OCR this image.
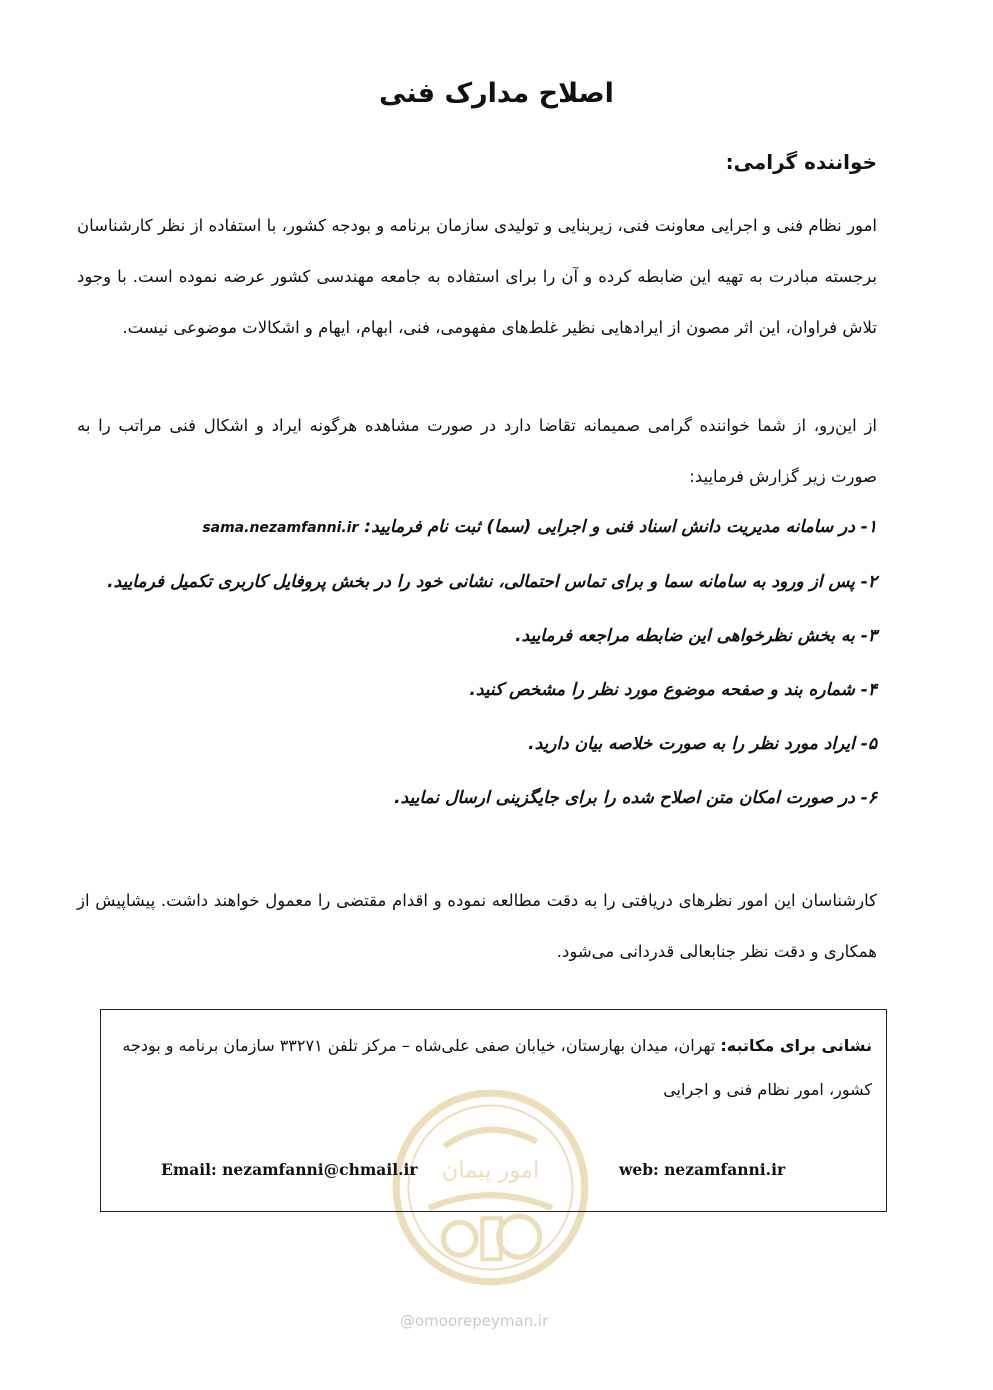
اصلاح مدارک فنی

خواننده گرامی:

امور نظام فنی و اجرایی معاونت فنی، زیربنایی و تولیدی سازمان برنامه و بودجه کشور، با استفاده از نظر کارشناسان برجسته مبادرت به تهیه این ضابطه کرده و آن را برای استفاده به جامعه مهندسی کشور عرضه نموده است. با وجود تلاش فراوان، این اثر مصون از ایرادهایی نظیر غلط‌های مفهومی، فنی، ابهام، ایهام و اشکالات موضوعی نیست.

از این‌رو، از شما خواننده گرامی صمیمانه تقاضا دارد در صورت مشاهده هرگونه ایراد و اشکال فنی مراتب را به صورت زیر گزارش فرمایید:

۱- در سامانه مدیریت دانش اسناد فنی و اجرایی (سما) ثبت نام فرمایید: sama.nezamfanni.ir
۲- پس از ورود به سامانه سما و برای تماس احتمالی، نشانی خود را در بخش پروفایل کاربری تکمیل فرمایید.
۳- به بخش نظرخواهی این ضابطه مراجعه فرمایید.
۴- شماره بند و صفحه موضوع مورد نظر را مشخص کنید.
۵- ایراد مورد نظر را به صورت خلاصه بیان دارید.
۶- در صورت امکان متن اصلاح شده را برای جایگزینی ارسال نمایید.

کارشناسان این امور نظرهای دریافتی را به دقت مطالعه نموده و اقدام مقتضی را معمول خواهند داشت. پیشاپیش از همکاری و دقت نظر جنابعالی قدردانی می‌شود.

امور پیمان
@omoorepeyman.ir

نشانی برای مکاتبه: تهران، میدان بهارستان، خیابان صفی علی‌شاه – مرکز تلفن ۳۳۲۷۱ سازمان برنامه و بودجه کشور، امور نظام فنی و اجرایی

web: nezamfanni.ir
Email: nezamfanni@chmail.ir
